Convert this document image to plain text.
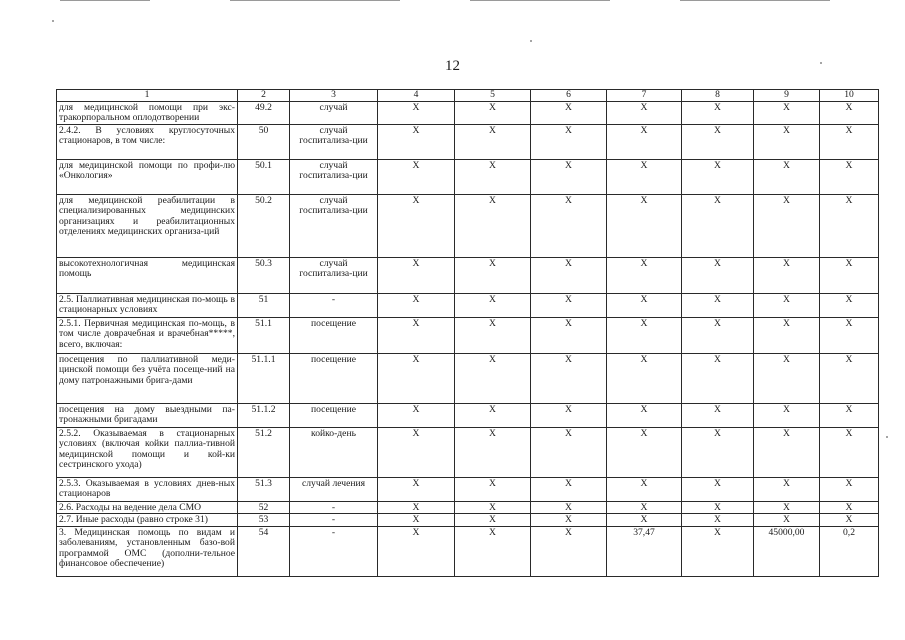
12
1	2	3	4	5	6	7	8	9	10
для медицинской помощи при экс-тракорпоральном оплодотворении	49.2	случай	X	X	X	X	X	X	X
2.4.2. В условиях круглосуточных стационаров, в том числе:	50	случай госпитализа-ции	X	X	X	X	X	X	X
для медицинской помощи по профи-лю «Онкология»	50.1	случай госпитализа-ции	X	X	X	X	X	X	X
для медицинской реабилитации в специализированных медицинских организациях и реабилитационных отделениях медицинских организа-ций	50.2	случай госпитализа-ции	X	X	X	X	X	X	X
высокотехнологичная медицинская помощь	50.3	случай госпитализа-ции	X	X	X	X	X	X	X
2.5. Паллиативная медицинская по-мощь в стационарных условиях	51	-	X	X	X	X	X	X	X
2.5.1. Первичная медицинская по-мощь, в том числе доврачебная и врачебная*****, всего, включая:	51.1	посещение	X	X	X	X	X	X	X
посещения по паллиативной меди-цинской помощи без учёта посеще-ний на дому патронажными брига-дами	51.1.1	посещение	X	X	X	X	X	X	X
посещения на дому выездными па-тронажными бригадами	51.1.2	посещение	X	X	X	X	X	X	X
2.5.2. Оказываемая в стационарных условиях (включая койки паллиа-тивной медицинской помощи и кой-ки сестринского ухода)	51.2	койко-день	X	X	X	X	X	X	X
2.5.3. Оказываемая в условиях днев-ных стационаров	51.3	случай лечения	X	X	X	X	X	X	X
2.6. Расходы на ведение дела СМО	52	-	X	X	X	X	X	X	X
2.7. Иные расходы (равно строке 31)	53	-	X	X	X	X	X	X	X
3. Медицинская помощь по видам и заболеваниям, установленным базо-вой программой ОМС (дополни-тельное финансовое обеспечение)	54	-	X	X	X	37,47	X	45000,00	0,2
